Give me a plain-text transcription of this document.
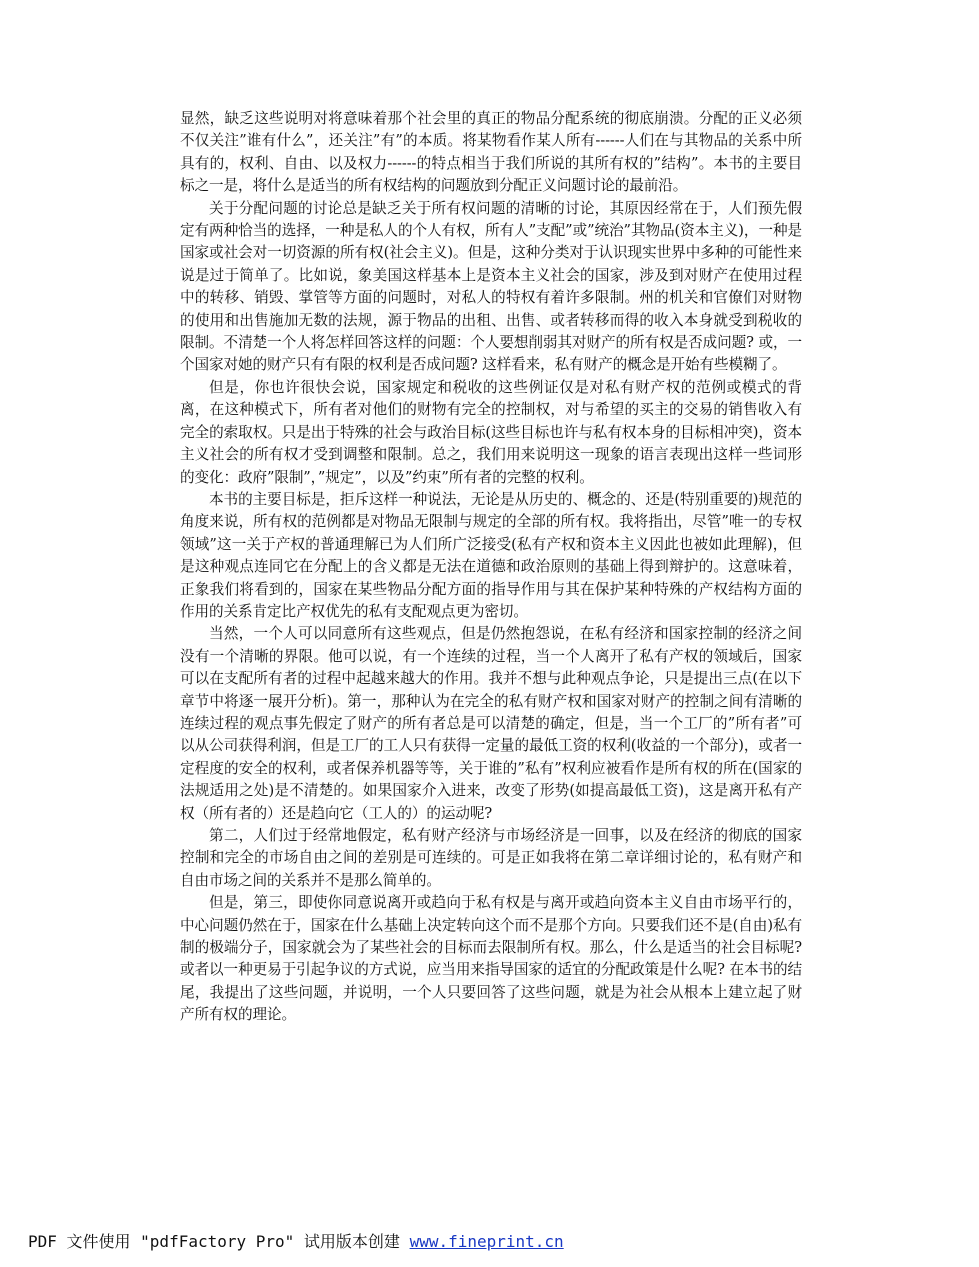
显然，缺乏这些说明对将意味着那个社会里的真正的物品分配系统的彻底崩溃。分配的正义必须不仅关注”谁有什么”，还关注”有”的本质。将某物看作某人所有------人们在与其物品的关系中所具有的，权利、自由、以及权力------的特点相当于我们所说的其所有权的”结构”。本书的主要目标之一是，将什么是适当的所有权结构的问题放到分配正义问题讨论的最前沿。

关于分配问题的讨论总是缺乏关于所有权问题的清晰的讨论，其原因经常在于，人们预先假定有两种恰当的选择，一种是私人的个人有权，所有人”支配”或”统治”其物品(资本主义)，一种是国家或社会对一切资源的所有权(社会主义)。但是，这种分类对于认识现实世界中多种的可能性来说是过于简单了。比如说，象美国这样基本上是资本主义社会的国家，涉及到对财产在使用过程中的转移、销毁、掌管等方面的问题时，对私人的特权有着许多限制。州的机关和官僚们对财物的使用和出售施加无数的法规，源于物品的出租、出售、或者转移而得的收入本身就受到税收的限制。不清楚一个人将怎样回答这样的问题：个人要想削弱其对财产的所有权是否成问题? 或，一个国家对她的财产只有有限的权利是否成问题? 这样看来，私有财产的概念是开始有些模糊了。

但是，你也许很快会说，国家规定和税收的这些例证仅是对私有财产权的范例或模式的背离，在这种模式下，所有者对他们的财物有完全的控制权，对与希望的买主的交易的销售收入有完全的索取权。只是出于特殊的社会与政治目标(这些目标也许与私有权本身的目标相冲突)，资本主义社会的所有权才受到调整和限制。总之，我们用来说明这一现象的语言表现出这样一些词形的变化：政府”限制”，”规定”，以及”约束”所有者的完整的权利。

本书的主要目标是，拒斥这样一种说法，无论是从历史的、概念的、还是(特别重要的)规范的角度来说，所有权的范例都是对物品无限制与规定的全部的所有权。我将指出，尽管”唯一的专权领域”这一关于产权的普通理解已为人们所广泛接受(私有产权和资本主义因此也被如此理解)，但是这种观点连同它在分配上的含义都是无法在道德和政治原则的基础上得到辩护的。这意味着，正象我们将看到的，国家在某些物品分配方面的指导作用与其在保护某种特殊的产权结构方面的作用的关系肯定比产权优先的私有支配观点更为密切。

当然，一个人可以同意所有这些观点，但是仍然抱怨说，在私有经济和国家控制的经济之间没有一个清晰的界限。他可以说，有一个连续的过程，当一个人离开了私有产权的领域后，国家可以在支配所有者的过程中起越来越大的作用。我并不想与此种观点争论，只是提出三点(在以下章节中将逐一展开分析)。第一，那种认为在完全的私有财产权和国家对财产的控制之间有清晰的连续过程的观点事先假定了财产的所有者总是可以清楚的确定，但是，当一个工厂的”所有者”可以从公司获得利润，但是工厂的工人只有获得一定量的最低工资的权利(收益的一个部分)，或者一定程度的安全的权利，或者保养机器等等，关于谁的”私有”权利应被看作是所有权的所在(国家的法规适用之处)是不清楚的。如果国家介入进来，改变了形势(如提高最低工资)，这是离开私有产权（所有者的）还是趋向它（工人的）的运动呢?

第二，人们过于经常地假定，私有财产经济与市场经济是一回事，以及在经济的彻底的国家控制和完全的市场自由之间的差别是可连续的。可是正如我将在第二章详细讨论的，私有财产和自由市场之间的关系并不是那么简单的。

但是，第三，即使你同意说离开或趋向于私有权是与离开或趋向资本主义自由市场平行的，中心问题仍然在于，国家在什么基础上决定转向这个而不是那个方向。只要我们还不是(自由)私有制的极端分子，国家就会为了某些社会的目标而去限制所有权。那么，什么是适当的社会目标呢? 或者以一种更易于引起争议的方式说，应当用来指导国家的适宜的分配政策是什么呢? 在本书的结尾，我提出了这些问题，并说明，一个人只要回答了这些问题，就是为社会从根本上建立起了财产所有权的理论。

PDF 文件使用 "pdfFactory Pro" 试用版本创建 www.fineprint.cn
